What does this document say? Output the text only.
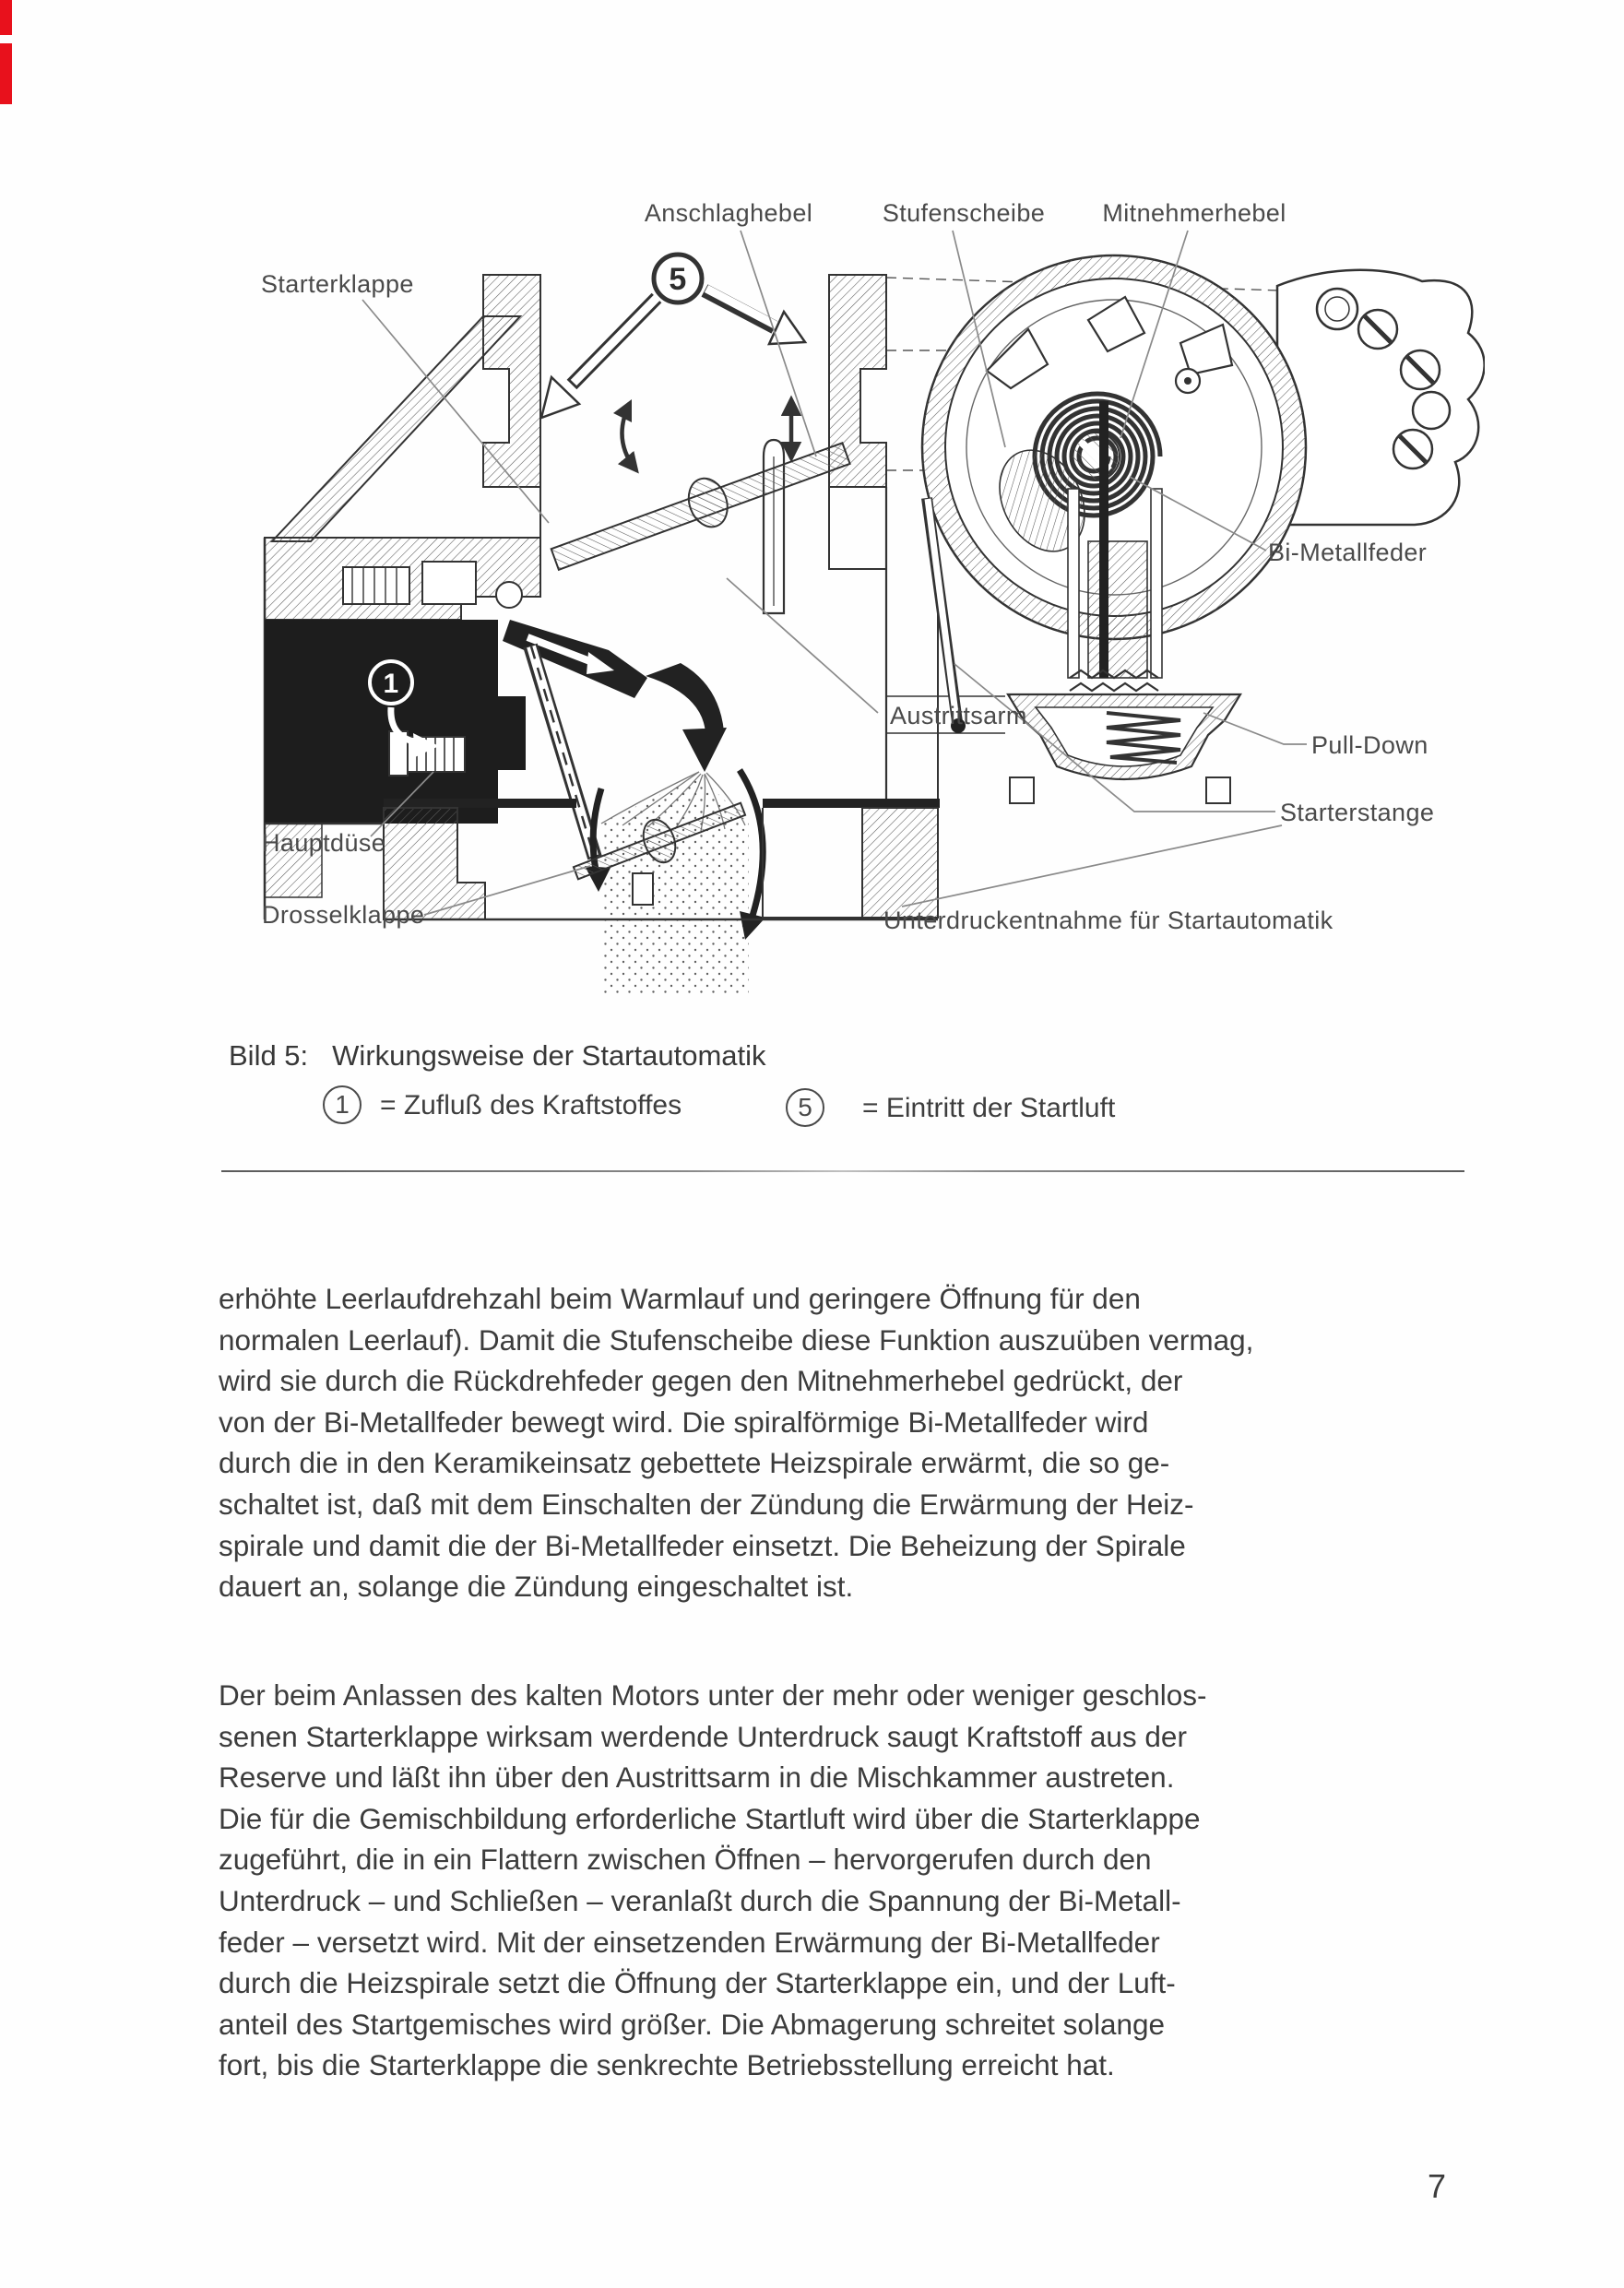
1
5
Anschlaghebel	Stufenscheibe Mitnehmerhebel
Starterklappe
Bi-Metallfeder
Austrittsarm
Pull-Down
Starterstange
Hauptdüse
Drosselklappe	Unterdruckentnahme für Startautomatik
Bild 5: Wirkungsweise der Startautomatik
1	= Zufluß des Kraftstoffes	5	= Eintritt der Startluft
erhöhte Leerlaufdrehzahl beim Warmlauf und geringere Öffnung für den
normalen Leerlauf). Damit die Stufenscheibe diese Funktion auszuüben vermag,
wird sie durch die Rückdrehfeder gegen den Mitnehmerhebel gedrückt, der
von der Bi-Metallfeder bewegt wird. Die spiralförmige Bi-Metallfeder wird
durch die in den Keramikeinsatz gebettete Heizspirale erwärmt, die so ge-
schaltet ist, daß mit dem Einschalten der Zündung die Erwärmung der Heiz-
spirale und damit die der Bi-Metallfeder einsetzt. Die Beheizung der Spirale
dauert an, solange die Zündung eingeschaltet ist.
Der beim Anlassen des kalten Motors unter der mehr oder weniger geschlos-
senen Starterklappe wirksam werdende Unterdruck saugt Kraftstoff aus der
Reserve und läßt ihn über den Austrittsarm in die Mischkammer austreten.
Die für die Gemischbildung erforderliche Startluft wird über die Starterklappe
zugeführt, die in ein Flattern zwischen Öffnen – hervorgerufen durch den
Unterdruck – und Schließen – veranlaßt durch die Spannung der Bi-Metall-
feder – versetzt wird. Mit der einsetzenden Erwärmung der Bi-Metallfeder
durch die Heizspirale setzt die Öffnung der Starterklappe ein, und der Luft-
anteil des Startgemisches wird größer. Die Abmagerung schreitet solange
fort, bis die Starterklappe die senkrechte Betriebsstellung erreicht hat.
7
